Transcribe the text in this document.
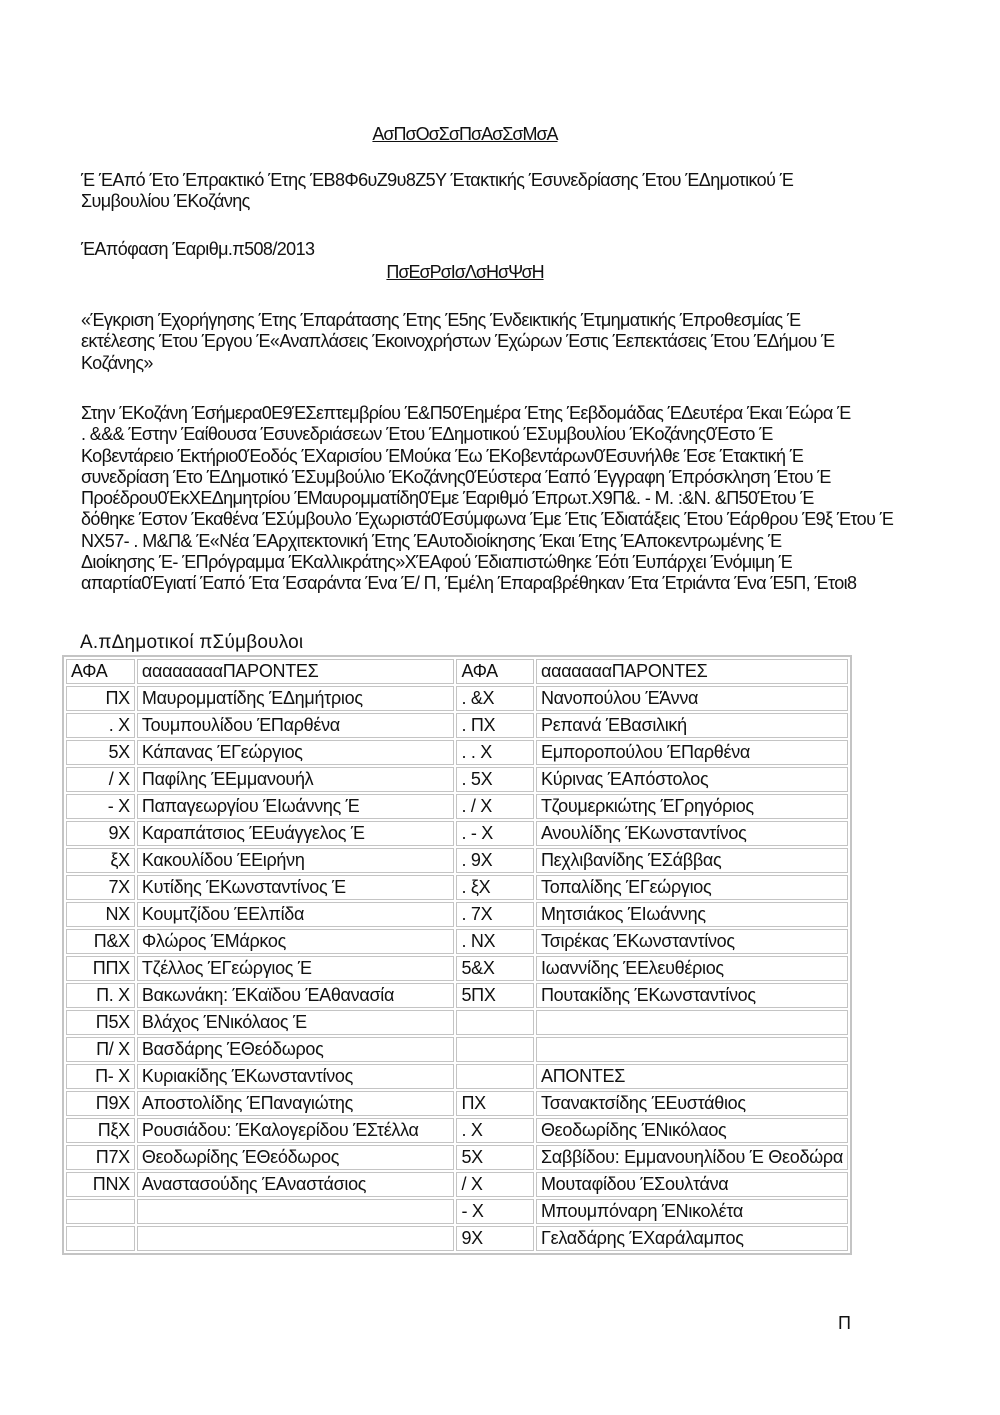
ΑσΠσΟσΣσΠσΑσΣσΜσΑ
Έ ΈΑπό Έτο Έπρακτικό Έτης ΈΒ8Φ6υΖ9υ8Ζ5Υ Έτακτικής Έσυνεδρίασης Έτου ΈΔημοτικού Έ
Συμβουλίου ΈΚοζάνης
ΈΑπόφαση Έαριθμ.π508/2013
ΠσΕσΡσΙσΛσΗσΨσΗ
«Έγκριση Έχορήγησης Έτης Έπαράτασης Έτης Έ5ης Ένδεικτικής Έτμηματικής Έπροθεσμίας Έ
εκτέλεσης Έτου Έργου Έ«Αναπλάσεις Έκοινοχρήστων Έχώρων Έστις Έεπεκτάσεις Έτου ΈΔήμου Έ
Κοζάνης»
Στην ΈΚοζάνη Έσήμερα0Ε9ΈΣεπτεμβρίου Έ&Π50Έημέρα Έτης Έεβδομάδας ΈΔευτέρα Έκαι Έώρα Έ
. &&& Έστην Έαίθουσα Έσυνεδριάσεων Έτου ΈΔημοτικού ΈΣυμβουλίου ΈΚοζάνης0Έστο Έ
Κοβεντάρειο Έκτήριο0Έοδός ΈΧαρισίου ΈΜούκα Έω ΈΚοβεντάρων0Έσυνήλθε Έσε Έτακτική Έ
συνεδρίαση Έτο ΈΔημοτικό ΈΣυμβούλιο ΈΚοζάνης0Έύστερα Έαπό Έγγραφη Έπρόσκληση Έτου Έ
Προέδρου0ΈκΧΕΔημητρίου ΈΜαυρομματίδη0Έμε Έαριθμό Έπρωτ.Χ9Π&. - Μ. :&Ν. &Π50Έτου Έ
δόθηκε Έστον Έκαθένα ΈΣύμβουλο Έχωριστά0Έσύμφωνα Έμε Έτις Έδιατάξεις Έτου Έάρθρου Έ9ξ Έτου Έ
ΝΧ57- . Μ&Π& Έ«Νέα ΈΑρχιτεκτονική Έτης ΈΑυτοδιοίκησης Έκαι Έτης ΈΑποκεντρωμένης Έ
Διοίκησης Έ- ΈΠρόγραμμα ΈΚαλλικράτης»ΧΈΑφού Έδιαπιστώθηκε Έότι Έυπάρχει Ένόμιμη Έ
απαρτία0Έγιατί Έαπό Έτα Έσαράντα Ένα Έ/ Π, Έμέλη Έπαραβρέθηκαν Έτα Έτριάντα Ένα Έ5Π, Έτοι8
Α.πΔημοτικοί πΣύμβουλοι
ΑΦΑ	ααααααααΠΑΡΟΝΤΕΣ	ΑΦΑ	αααααααΠΑΡΟΝΤΕΣ
ΠΧ	Μαυρομματίδης ΈΔημήτριος	. &Χ	Νανοπούλου ΈΆννα
. Χ	Τουμπουλίδου ΈΠαρθένα	. ΠΧ	Ρεπανά ΈΒασιλική
5Χ	Κάπανας ΈΓεώργιος	. . Χ	Εμποροπούλου ΈΠαρθένα
/ Χ	Παφίλης ΈΕμμανουήλ	. 5Χ	Κύρινας ΈΑπόστολος
- Χ	Παπαγεωργίου ΈΙωάννης Έ	. / Χ	Τζουμερκιώτης ΈΓρηγόριος
9Χ	Καραπάτσιος ΈΕυάγγελος Έ	. - Χ	Ανουλίδης ΈΚωνσταντίνος
ξΧ	Κακουλίδου ΈΕιρήνη	. 9Χ	Πεχλιβανίδης ΈΣάββας
7Χ	Κυτίδης ΈΚωνσταντίνος Έ	. ξΧ	Τοπαλίδης ΈΓεώργιος
ΝΧ	Κουμτζίδου ΈΕλπίδα	. 7Χ	Μητσιάκος ΈΙωάννης
Π&Χ	Φλώρος ΈΜάρκος	. ΝΧ	Τσιρέκας ΈΚωνσταντίνος
ΠΠΧ	Τζέλλος ΈΓεώργιος Έ	5&Χ	Ιωαννίδης ΈΕλευθέριος
Π. Χ	Βακωνάκη: ΈΚαϊδου ΈΑθανασία	5ΠΧ	Πουτακίδης ΈΚωνσταντίνος
Π5Χ	Βλάχος ΈΝικόλαος Έ		
Π/ Χ	Βασδάρης ΈΘεόδωρος		
Π- Χ	Κυριακίδης ΈΚωνσταντίνος		ΑΠΟΝΤΕΣ
Π9Χ	Αποστολίδης ΈΠαναγιώτης	ΠΧ	Τσανακτσίδης ΈΕυστάθιος
ΠξΧ	Ρουσιάδου: ΈΚαλογερίδου ΈΣτέλλα	. Χ	Θεοδωρίδης ΈΝικόλαος
Π7Χ	Θεοδωρίδης ΈΘεόδωρος	5Χ	Σαββίδου: Εμμανουηλίδου Έ Θεοδώρα
ΠΝΧ	Αναστασούδης ΈΑναστάσιος	/ Χ	Μουταφίδου ΈΣουλτάνα
		- Χ	Μπουμπόναρη ΈΝικολέτα
		9Χ	Γελαδάρης ΈΧαράλαμπος
Π
